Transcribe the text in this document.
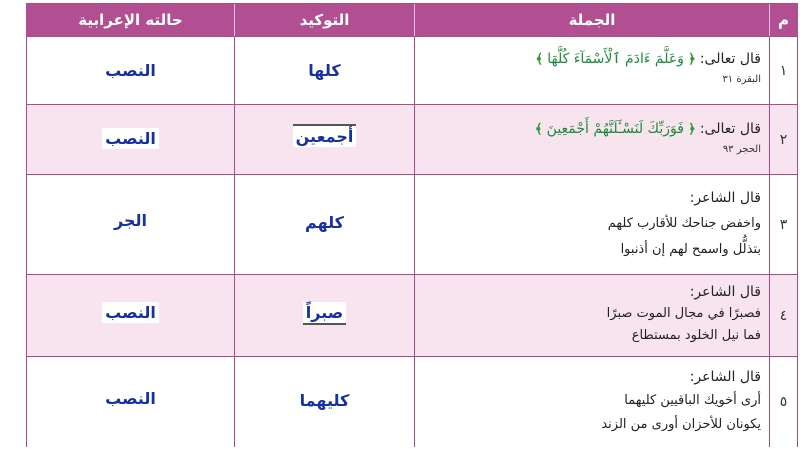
م
الجملة
التوكيد
حالته الإعرابية
١
قال تعالى: ﴿ وَعَلَّمَ ءَادَمَ ٱلْأَسْمَآءَ كُلَّهَا ﴾
البقرة ٣١
كلها
النصب
٢
قال تعالى: ﴿ فَوَرَبِّكَ لَنَسْـَٔلَنَّهُمْ أَجْمَعِينَ ﴾
الحجر ٩٣
أجمعين
النصب
٣
قال الشاعر:
واخفض جناحك للأقارب كلهم
بتذلُّل واسمح لهم إن أذنبوا
كلهم
الجر
٤
قال الشاعر:
فصبرًا في مجال الموت صبرًا
فما نيل الخلود بمستطاع
صبراً
النصب
٥
قال الشاعر:
أرى أخويك الباقيين كليهما
يكونان للأحزان أورى من الزند
كليهما
النصب
